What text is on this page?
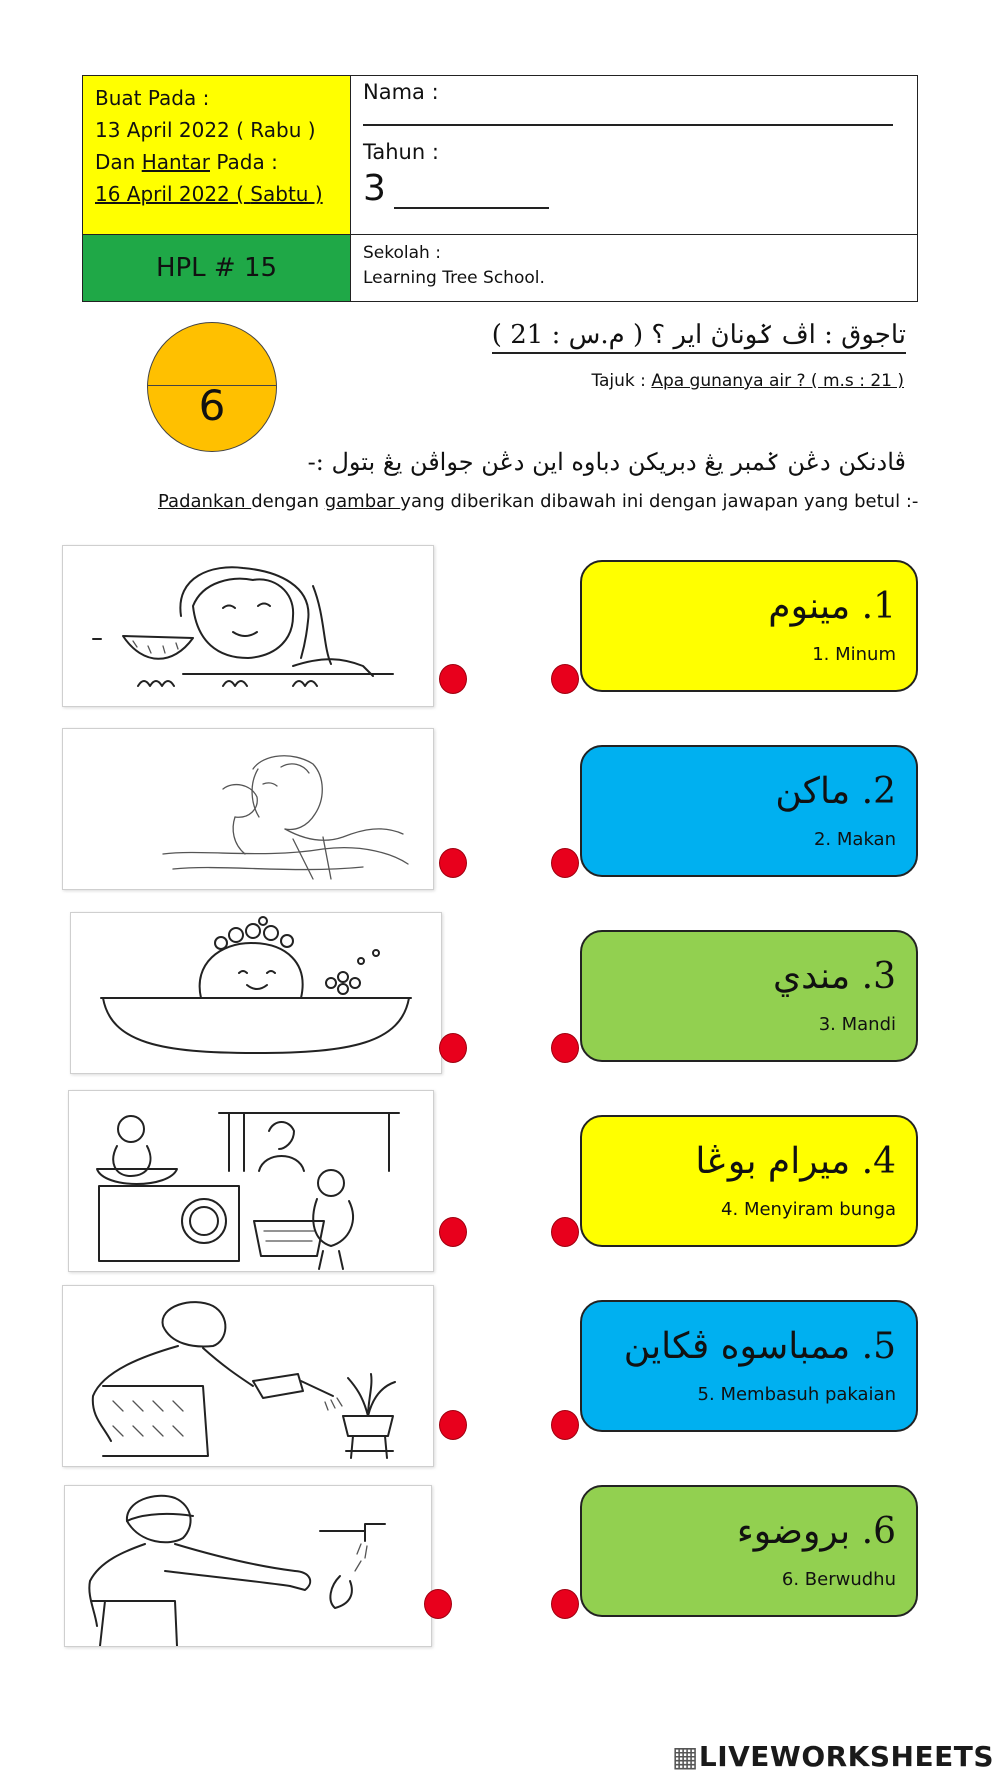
Buat Pada :
13 April 2022 ( Rabu )
Dan Hantar Pada :
16 April 2022 ( Sabtu )
HPL # 15
Nama :
Tahun :
3
Sekolah :
Learning Tree School.
6
تاجوق : اڤ ݢوناڽ اير ؟ ( م.س : 21 )
Tajuk : Apa gunanya air ? ( m.s : 21 )
ڤادنكن دڠن ݢمبر يڠ دبريكن دباوه اين دڠن جواڤن يڠ بتول :-
Padankan dengan gambar yang diberikan dibawah ini dengan jawapan yang betul :-
1. مينوم
1. Minum
2. ماكن
2. Makan
3. مندي
3. Mandi
4. ميرام بوڠا
4. Menyiram bunga
5. ممباسوه ڤكاين
5. Membasuh pakaian
6. بروضوء
6. Berwudhu
▦LIVEWORKSHEETS
